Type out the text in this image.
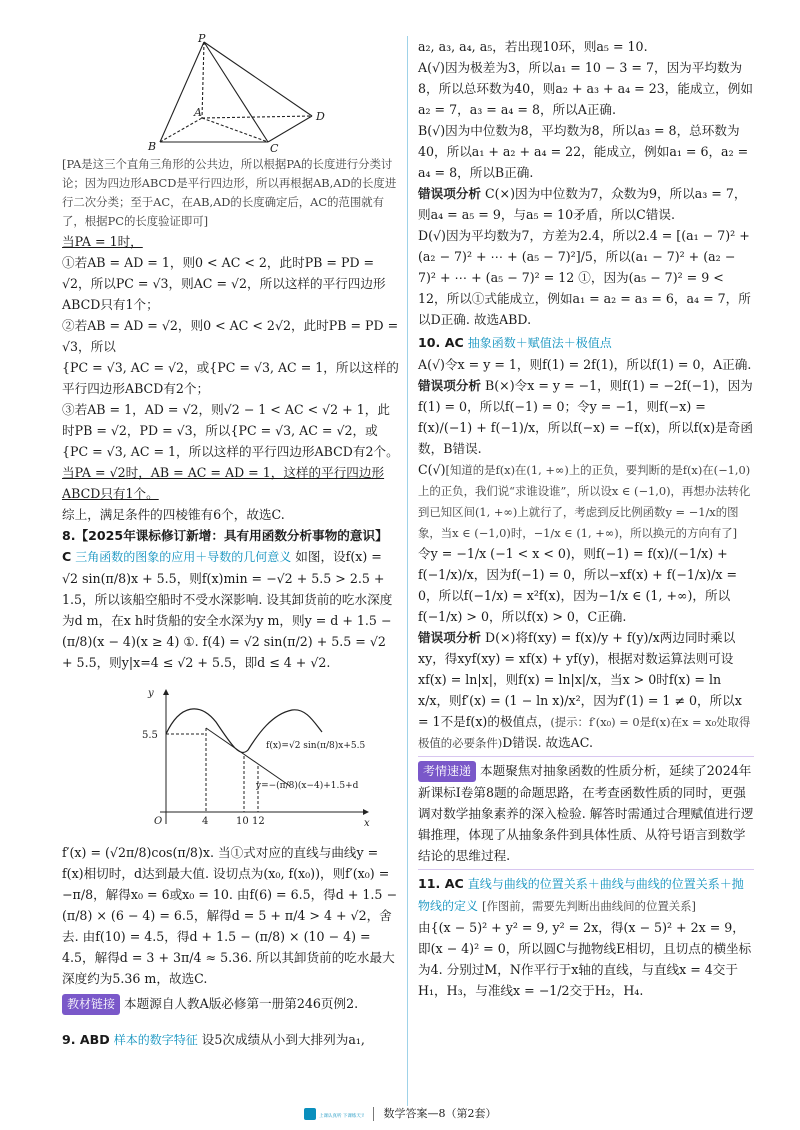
P
A
B	C
D

[PA是这三个直角三角形的公共边，所以根据PA的长度进行分类讨论；因为四边形ABCD是平行四边形，所以再根据AB,AD的长度进行二次分类；至于AC，在AB,AD的长度确定后，AC的范围就有了，根据PC的长度验证即可]

当PA = 1时，

①若AB = AD = 1，则0 < AC < 2，此时PB = PD = √2，所以PC = √3，则AC = √2，所以这样的平行四边形ABCD只有1个；

②若AB = AD = √2，则0 < AC < 2√2，此时PB = PD = √3，所以

{PC = √3, AC = √2，或{PC = √3, AC = 1，所以这样的平行四边形ABCD有2个；

③若AB = 1，AD = √2，则√2 − 1 < AC < √2 + 1，此时PB = √2，PD = √3，所以{PC = √3, AC = √2，或{PC = √3, AC = 1，所以这样的平行四边形ABCD有2个。

当PA = √2时，AB = AC = AD = 1，这样的平行四边形ABCD只有1个。

综上，满足条件的四棱锥有6个，故选C.

8.【2025年课标修订新增：具有用函数分析事物的意识】

C 三角函数的图象的应用＋导数的几何意义 如图，设f(x) = √2 sin(π/8)x + 5.5，则f(x)min = −√2 + 5.5 > 2.5 + 1.5，所以该船空船时不受水深影响. 设其卸货前的吃水深度为d m，在x h时货船的安全水深为y m，则y = d + 1.5 − (π/8)(x − 4)(x ≥ 4) ①. f(4) = √2 sin(π/2) + 5.5 = √2 + 5.5，则y|x=4 ≤ √2 + 5.5，即d ≤ 4 + √2.

5.5
4	10 12
O	x
y
f(x)=√2 sin(π/8)x+5.5
y=−(π/8)(x−4)+1.5+d

f′(x) = (√2π/8)cos(π/8)x. 当①式对应的直线与曲线y = f(x)相切时，d达到最大值. 设切点为(x₀, f(x₀))，则f′(x₀) = −π/8，解得x₀ = 6或x₀ = 10. 由f(6) = 6.5，得d + 1.5 − (π/8) × (6 − 4) = 6.5，解得d = 5 + π/4 > 4 + √2，舍去. 由f(10) = 4.5，得d + 1.5 − (π/8) × (10 − 4) = 4.5，解得d = 3 + 3π/4 ≈ 5.36. 所以其卸货前的吃水最大深度约为5.36 m，故选C.

教材链接 本题源自人教A版必修第一册第246页例2.

9. ABD 样本的数字特征 设5次成绩从小到大排列为a₁,

a₂, a₃, a₄, a₅，若出现10环，则a₅ = 10.

A(√)因为极差为3，所以a₁ = 10 − 3 = 7，因为平均数为8，所以总环数为40，则a₂ + a₃ + a₄ = 23，能成立，例如a₂ = 7，a₃ = a₄ = 8，所以A正确.

B(√)因为中位数为8，平均数为8，所以a₃ = 8，总环数为40，所以a₁ + a₂ + a₄ = 22，能成立，例如a₁ = 6，a₂ = a₄ = 8，所以B正确.

错误项分析 C(×)因为中位数为7，众数为9，所以a₃ = 7，则a₄ = a₅ = 9，与a₅ = 10矛盾，所以C错误.

D(√)因为平均数为7，方差为2.4，所以2.4 = [(a₁ − 7)² + (a₂ − 7)² + ⋯ + (a₅ − 7)²]/5，所以(a₁ − 7)² + (a₂ − 7)² + ⋯ + (a₅ − 7)² = 12 ①，因为(a₅ − 7)² = 9 < 12，所以①式能成立，例如a₁ = a₂ = a₃ = 6，a₄ = 7，所以D正确. 故选ABD.

10. AC 抽象函数＋赋值法＋极值点

A(√)令x = y = 1，则f(1) = 2f(1)，所以f(1) = 0，A正确.

错误项分析 B(×)令x = y = −1，则f(1) = −2f(−1)，因为f(1) = 0，所以f(−1) = 0；令y = −1，则f(−x) = f(x)/(−1) + f(−1)/x，所以f(−x) = −f(x)，所以f(x)是奇函数，B错误.

C(√)[知道的是f(x)在(1, +∞)上的正负，要判断的是f(x)在(−1,0)上的正负，我们说“求谁设谁”，所以设x ∈ (−1,0)，再想办法转化到已知区间(1, +∞)上就行了，考虑到反比例函数y = −1/x的图象，当x ∈ (−1,0)时，−1/x ∈ (1, +∞)，所以换元的方向有了]

令y = −1/x (−1 < x < 0)，则f(−1) = f(x)/(−1/x) + f(−1/x)/x，因为f(−1) = 0，所以−xf(x) + f(−1/x)/x = 0，所以f(−1/x) = x²f(x)，因为−1/x ∈ (1, +∞)，所以f(−1/x) > 0，所以f(x) > 0，C正确.

错误项分析 D(×)将f(xy) = f(x)/y + f(y)/x两边同时乘以xy，得xyf(xy) = xf(x) + yf(y)，根据对数运算法则可设xf(x) = ln|x|，则f(x) = ln|x|/x，当x > 0时f(x) = ln x/x，则f′(x) = (1 − ln x)/x²，因为f′(1) = 1 ≠ 0，所以x = 1不是f(x)的极值点，(提示：f′(x₀) = 0是f(x)在x = x₀处取得极值的必要条件)D错误. 故选AC.

考情速递 本题聚焦对抽象函数的性质分析，延续了2024年新课标Ⅰ卷第8题的命题思路，在考查函数性质的同时，更强调对数学抽象素养的深入检验. 解答时需通过合理赋值进行逻辑推理，体现了从抽象条件到具体性质、从符号语言到数学结论的思维过程.

11. AC 直线与曲线的位置关系＋曲线与曲线的位置关系＋抛物线的定义 [作图前，需要先判断出曲线间的位置关系]

由{(x − 5)² + y² = 9, y² = 2x，得(x − 5)² + 2x = 9，即(x − 4)² = 0，所以圆C与抛物线E相切，且切点的横坐标为4. 分别过M，N作平行于x轴的直线，与直线x = 4交于H₁，H₃，与准线x = −1/2交于H₂，H₄.

上课认真听 下课练天天 数学答案—8（第2套）
